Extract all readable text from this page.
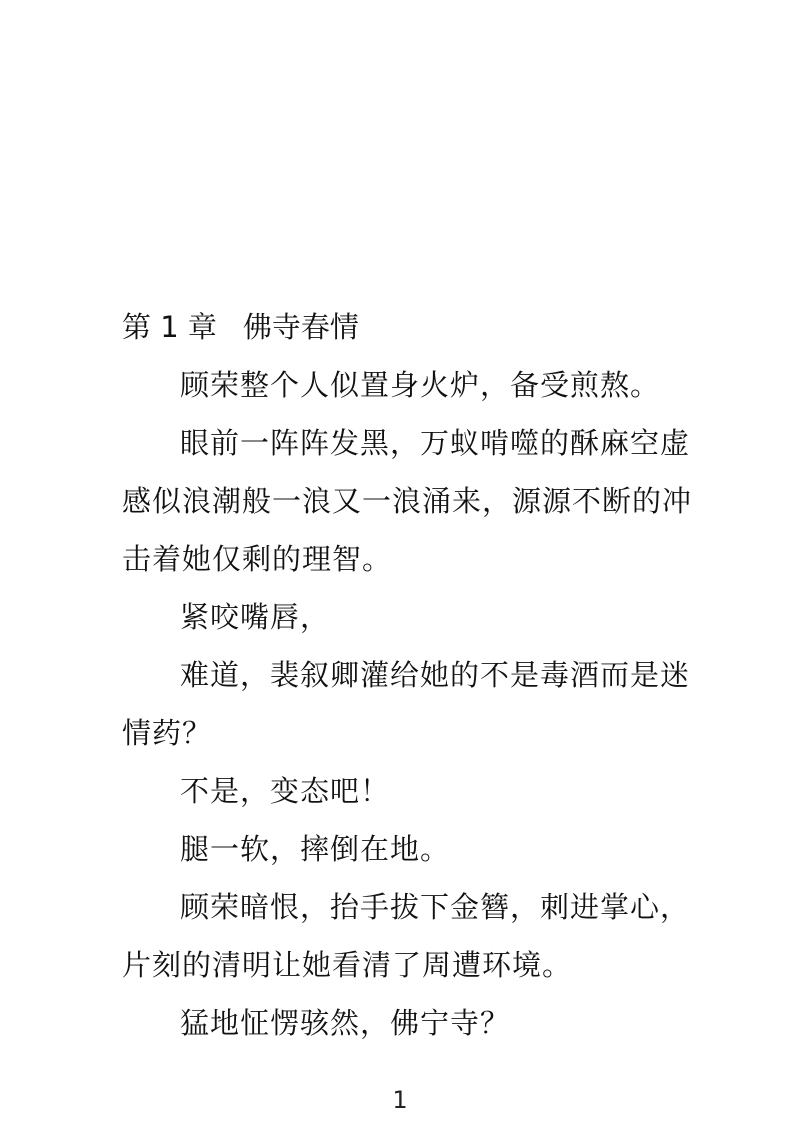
第 1 章 佛寺春情

顾荣整个人似置身火炉，备受煎熬。

眼前一阵阵发黑，万蚁啃噬的酥麻空虚感似浪潮般一浪又一浪涌来，源源不断的冲击着她仅剩的理智。

紧咬嘴唇，

难道，裴叙卿灌给她的不是毒酒而是迷情药？

不是，变态吧！

腿一软，摔倒在地。

顾荣暗恨，抬手拔下金簪，刺进掌心，片刻的清明让她看清了周遭环境。

猛地怔愣骇然，佛宁寺？

1
